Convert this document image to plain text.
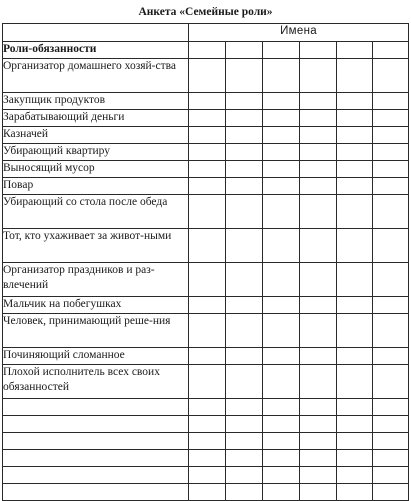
Анкета «Семейные роли»
	Имена					
Роли-обязанности						

Организатор домашнего хозяй-ства						

Закупщик продуктов						

Зарабатывающий деньги						

Казначей						

Убирающий квартиру						

Выносящий мусор						

Повар						

Убирающий со стола после обеда						

Тот, кто ухаживает за живот-ными						

Организатор праздников и раз-влечений						

Мальчик на побегушках						

Человек, принимающий реше-ния						

Починяющий сломанное						

Плохой исполнитель всех своих обязанностей						
